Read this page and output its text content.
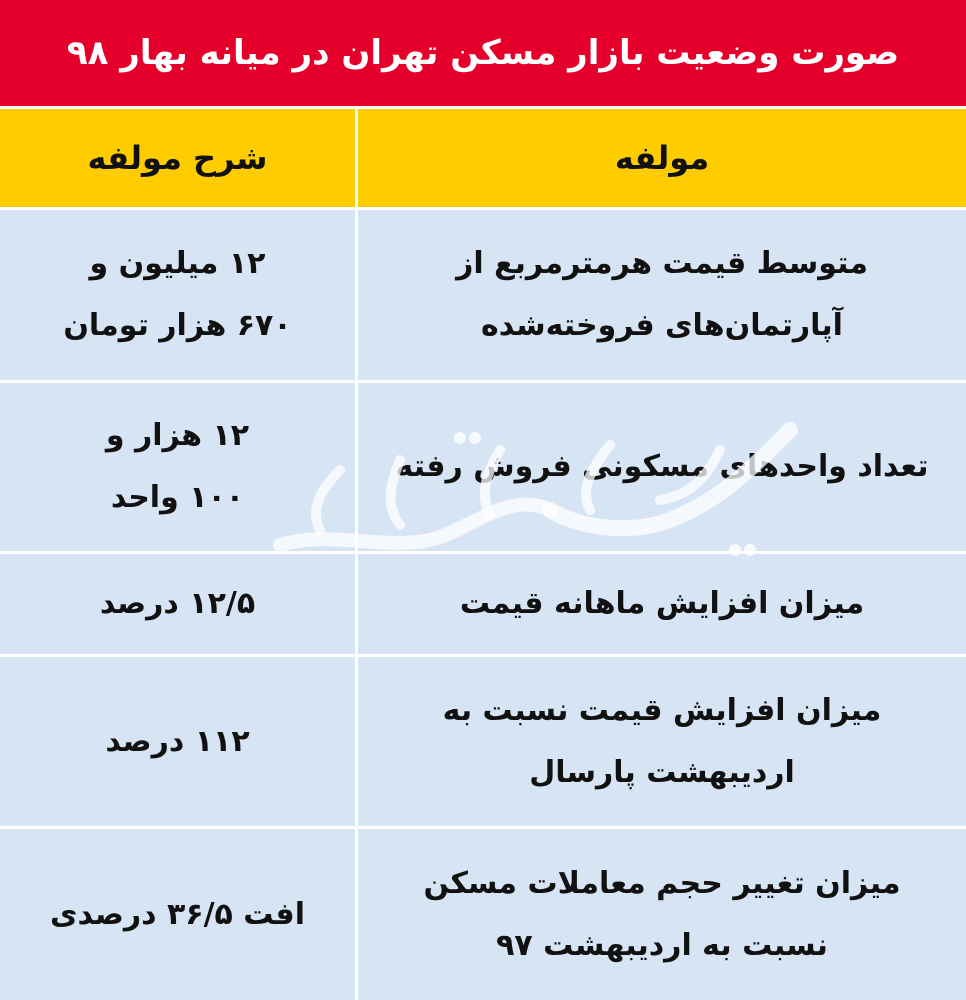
صورت وضعیت بازار مسکن تهران در میانه بهار ۹۸
مولفه
شرح مولفه
متوسط قیمت هرمترمربع از
آپارتمان‌های فروخته‌شده
۱۲ میلیون و
۶۷۰ هزار تومان
تعداد واحدهای مسکونی فروش رفته
۱۲ هزار و
۱۰۰ واحد
میزان افزایش ماهانه قیمت
۱۲/۵ درصد
میزان افزایش قیمت نسبت به
اردیبهشت پارسال
۱۱۲ درصد
میزان تغییر حجم معاملات مسکن
نسبت به اردیبهشت ۹۷
افت ۳۶/۵ درصدی
